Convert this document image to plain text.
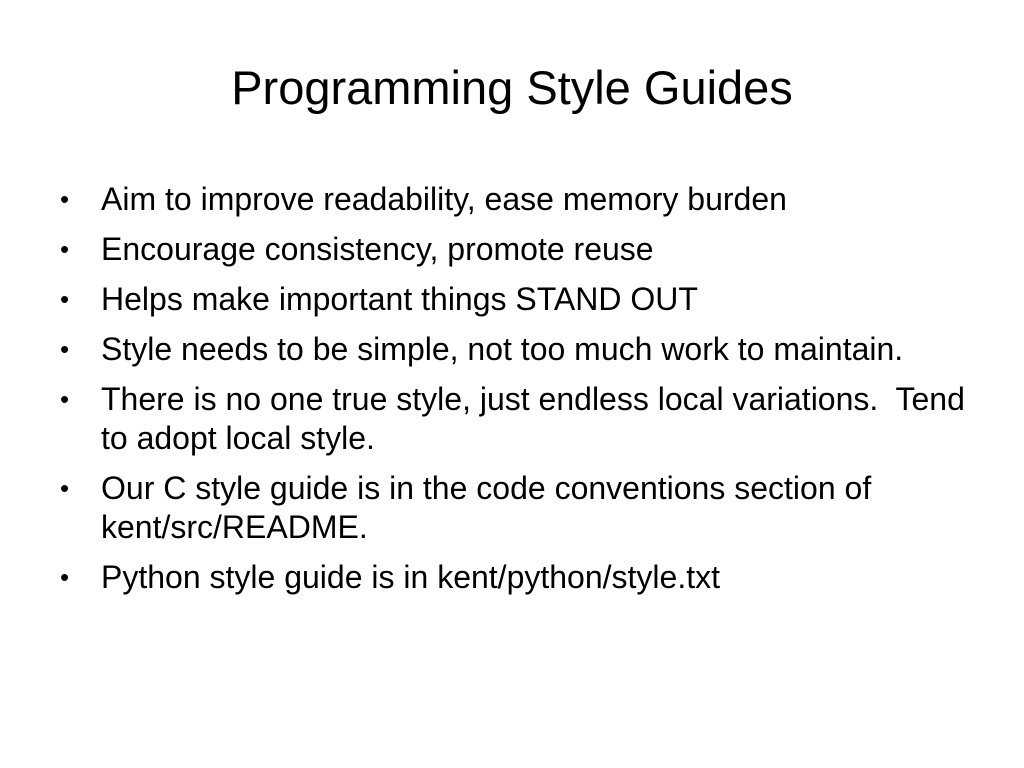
Programming Style Guides
• Aim to improve readability, ease memory burden
• Encourage consistency, promote reuse
• Helps make important things STAND OUT
• Style needs to be simple, not too much work to maintain.
• There is no one true style, just endless local variations.  Tend to adopt local style.
• Our C style guide is in the code conventions section of kent/src/README.
• Python style guide is in kent/python/style.txt
